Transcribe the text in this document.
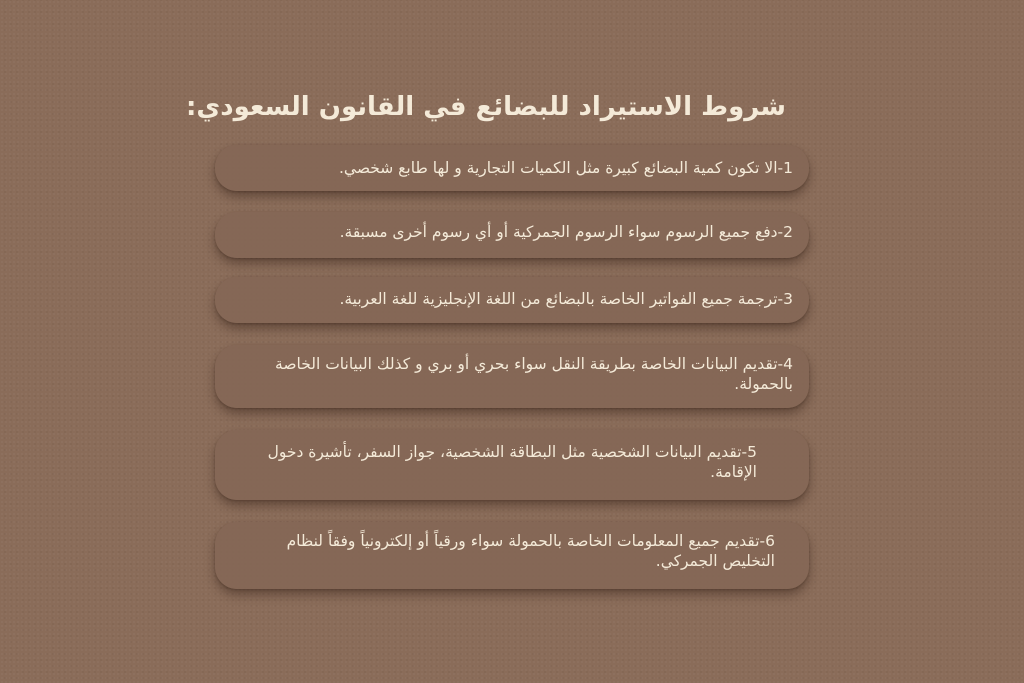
شروط الاستيراد للبضائع في القانون السعودي:

1-الا تكون كمية البضائع كبيرة مثل الكميات التجارية و لها طابع شخصي.

2-دفع جميع الرسوم سواء الرسوم الجمركية أو أي رسوم أخرى مسبقة.

3-ترجمة جميع الفواتير الخاصة بالبضائع من اللغة الإنجليزية للغة العربية.

4-تقديم البيانات الخاصة بطريقة النقل سواء بحري أو بري و كذلك البيانات الخاصة بالحمولة.

5-تقديم البيانات الشخصية مثل البطاقة الشخصية، جواز السفر، تأشيرة دخول الإقامة.

6-تقديم جميع المعلومات الخاصة بالحمولة سواء ورقياً أو إلكترونياً وفقاً لنظام التخليص الجمركي.
